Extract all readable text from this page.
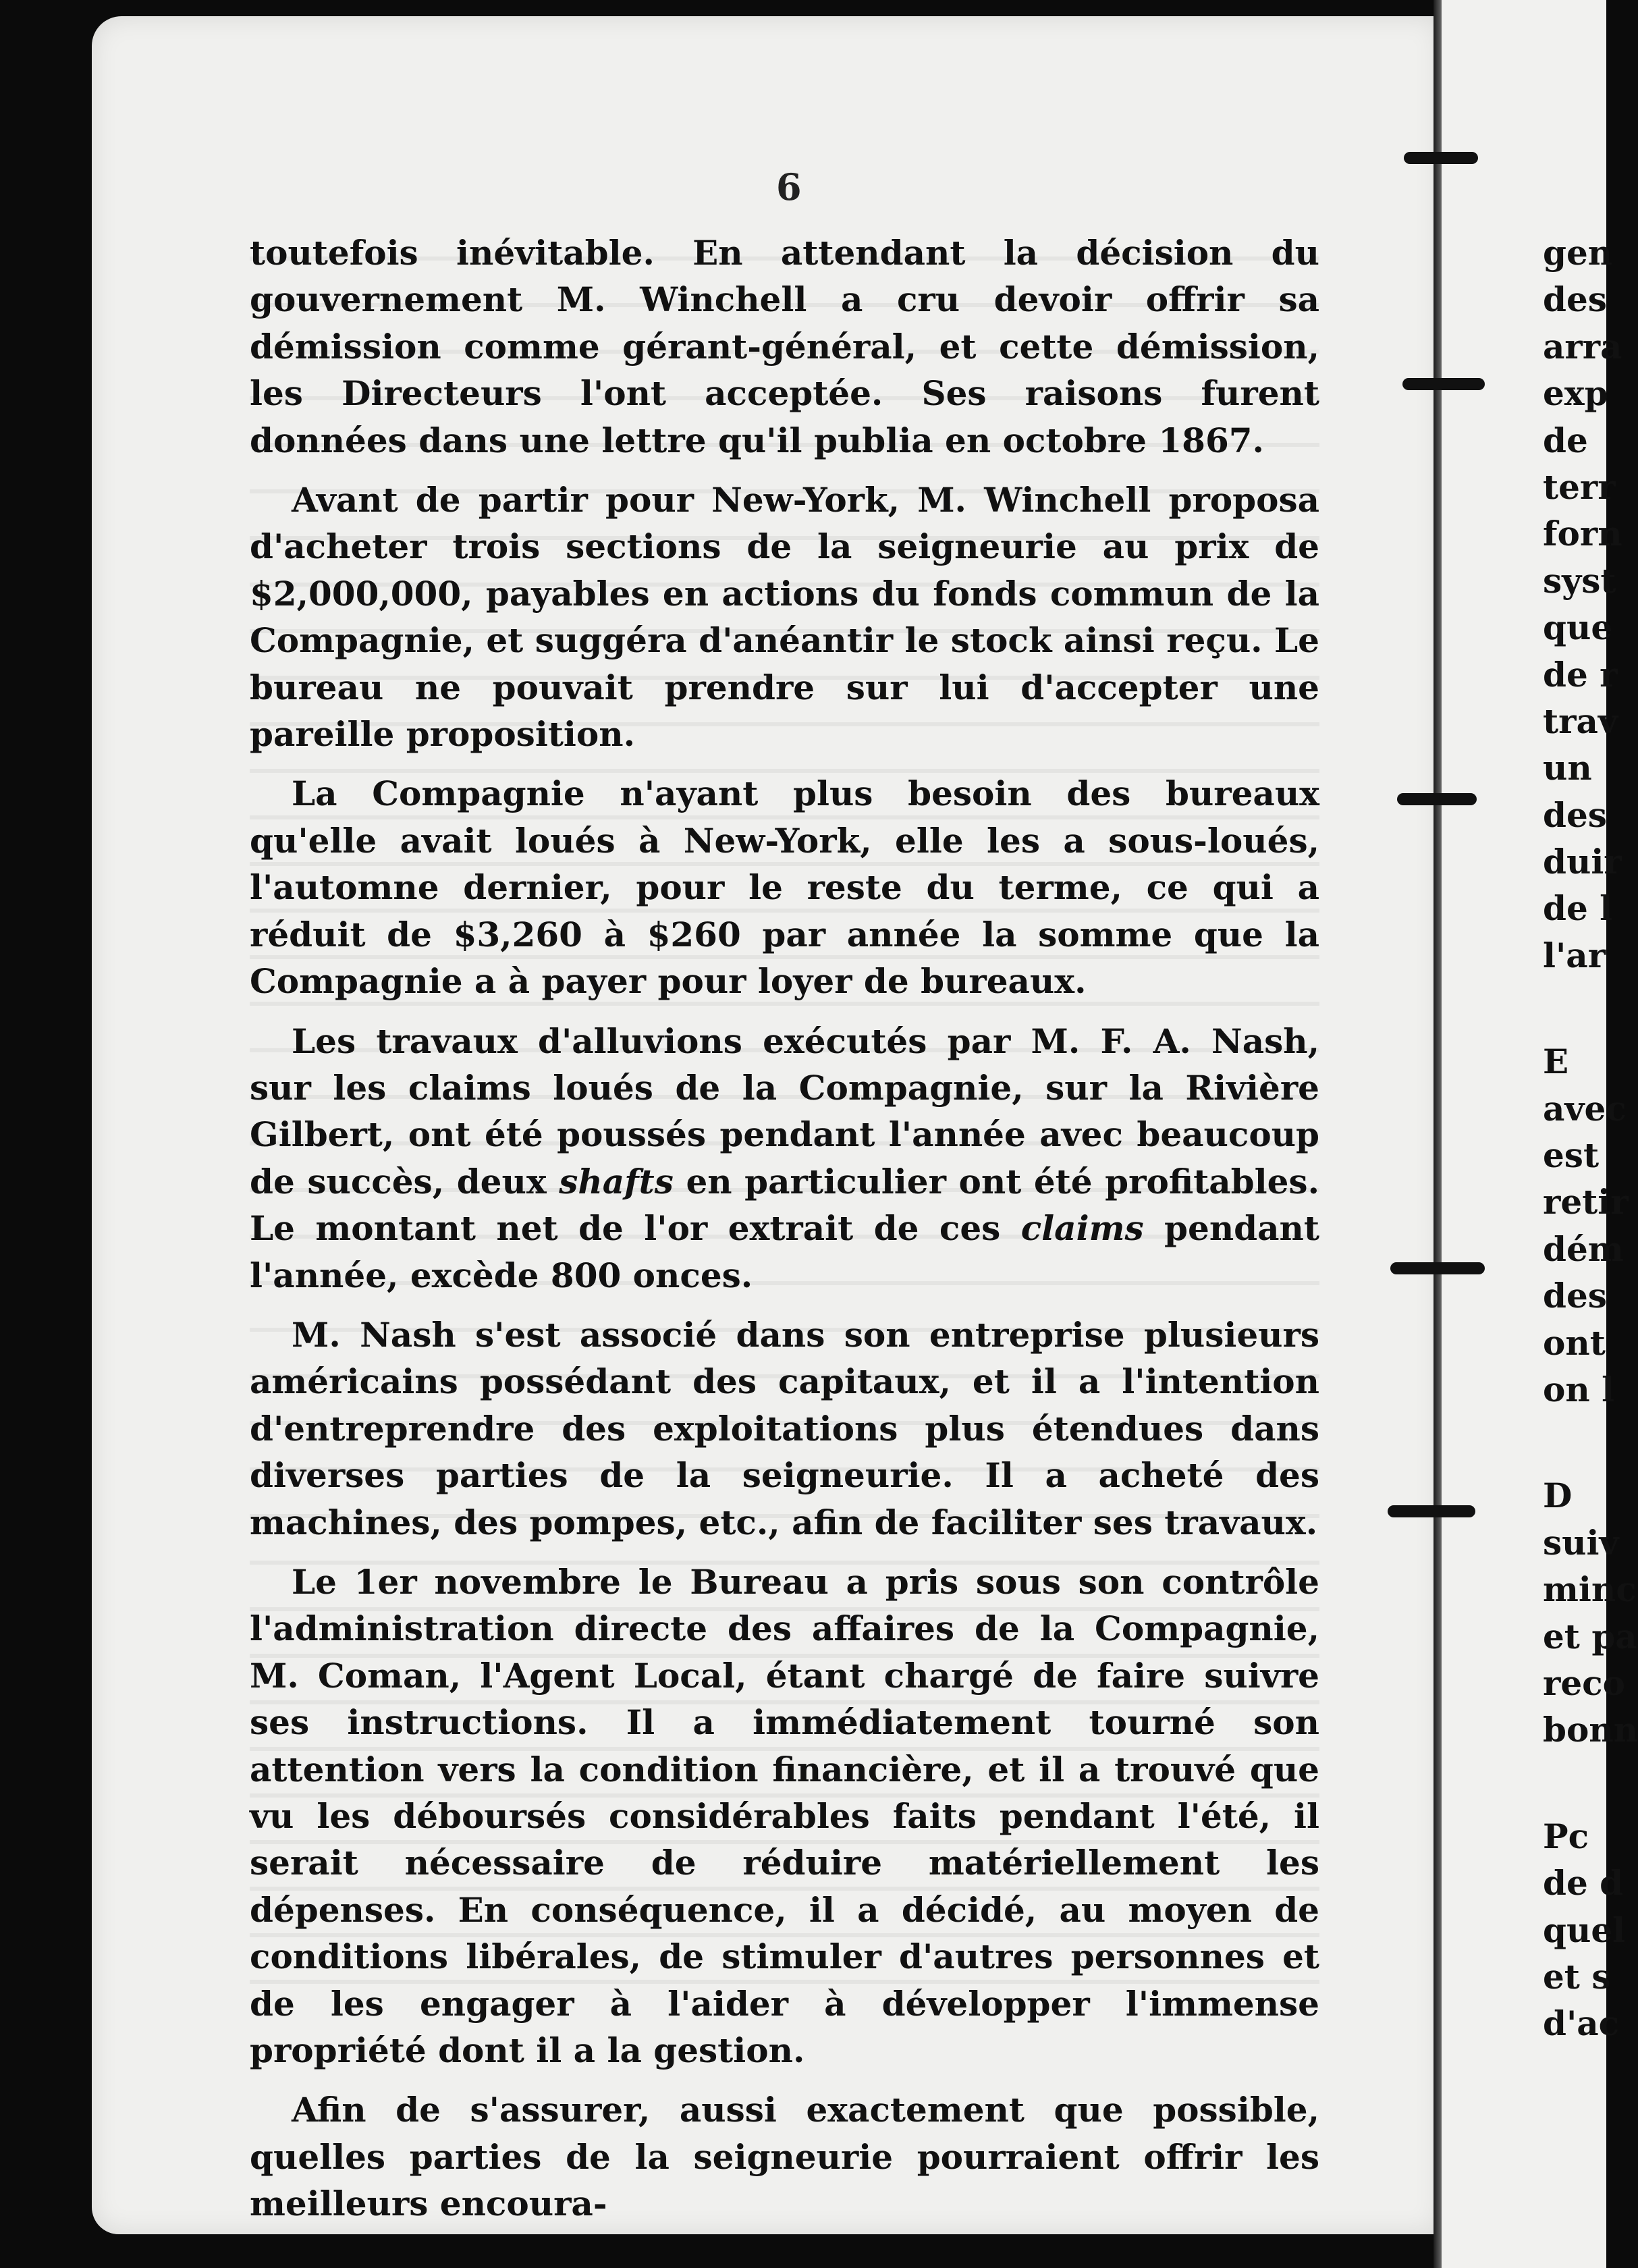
6

toutefois inévitable. En attendant la décision du gouvernement M. Winchell a cru devoir offrir sa démission comme gérant-général, et cette démission, les Directeurs l'ont acceptée. Ses raisons furent données dans une lettre qu'il publia en octobre 1867.

Avant de partir pour New-York, M. Winchell proposa d'acheter trois sections de la seigneurie au prix de $2,000,000, payables en actions du fonds commun de la Compagnie, et suggéra d'anéantir le stock ainsi reçu. Le bureau ne pouvait prendre sur lui d'accepter une pareille proposition.

La Compagnie n'ayant plus besoin des bureaux qu'elle avait loués à New-York, elle les a sous-loués, l'automne dernier, pour le reste du terme, ce qui a réduit de $3,260 à $260 par année la somme que la Compagnie a à payer pour loyer de bureaux.

Les travaux d'alluvions exécutés par M. F. A. Nash, sur les claims loués de la Compagnie, sur la Rivière Gilbert, ont été poussés pendant l'année avec beaucoup de succès, deux shafts en particulier ont été profitables. Le montant net de l'or extrait de ces claims pendant l'année, excède 800 onces.

M. Nash s'est associé dans son entreprise plusieurs américains possédant des capitaux, et il a l'intention d'entreprendre des exploitations plus étendues dans diverses parties de la seigneurie. Il a acheté des machines, des pompes, etc., afin de faciliter ses travaux.

Le 1er novembre le Bureau a pris sous son contrôle l'administration directe des affaires de la Compagnie, M. Coman, l'Agent Local, étant chargé de faire suivre ses instructions. Il a immédiatement tourné son attention vers la condition financière, et il a trouvé que vu les déboursés considérables faits pendant l'été, il serait nécessaire de réduire matériellement les dépenses. En conséquence, il a décidé, au moyen de conditions libérales, de stimuler d'autres personnes et de les engager à l'aider à développer l'immense propriété dont il a la gestion.

Afin de s'assurer, aussi exactement que possible, quelles parties de la seigneurie pourraient offrir les meilleurs encoura-

gen
des
arra
exp
de
terr
forn
syst
que
de r
trav
un
des
duir
de l
l'ar
E
avec
est
retir
dém
des
ont
on l
D
suiv
minc
et pa
reco
bonn
Pc
de d
quel
et s
d'ac
